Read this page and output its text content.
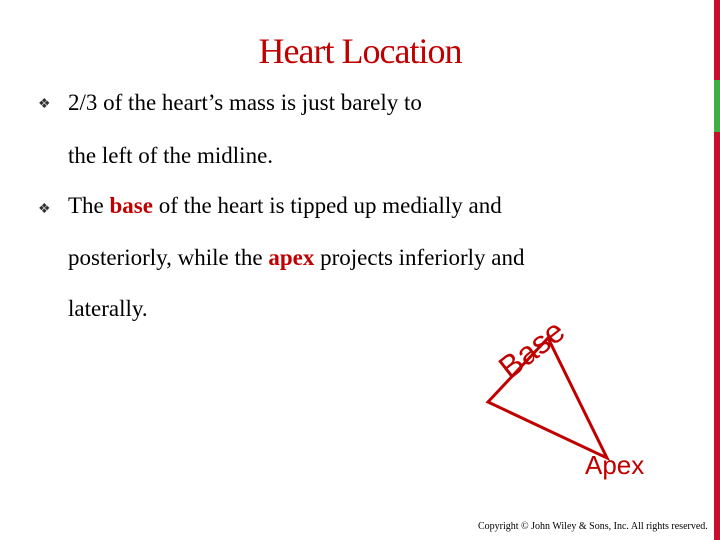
Heart Location
❖ 2/3 of the heart’s mass is just barely to
the left of the midline.
❖ The base of the heart is tipped up medially and
posteriorly, while the apex projects inferiorly and
laterally.
Base
Apex
Copyright © John Wiley & Sons, Inc. All rights reserved.
